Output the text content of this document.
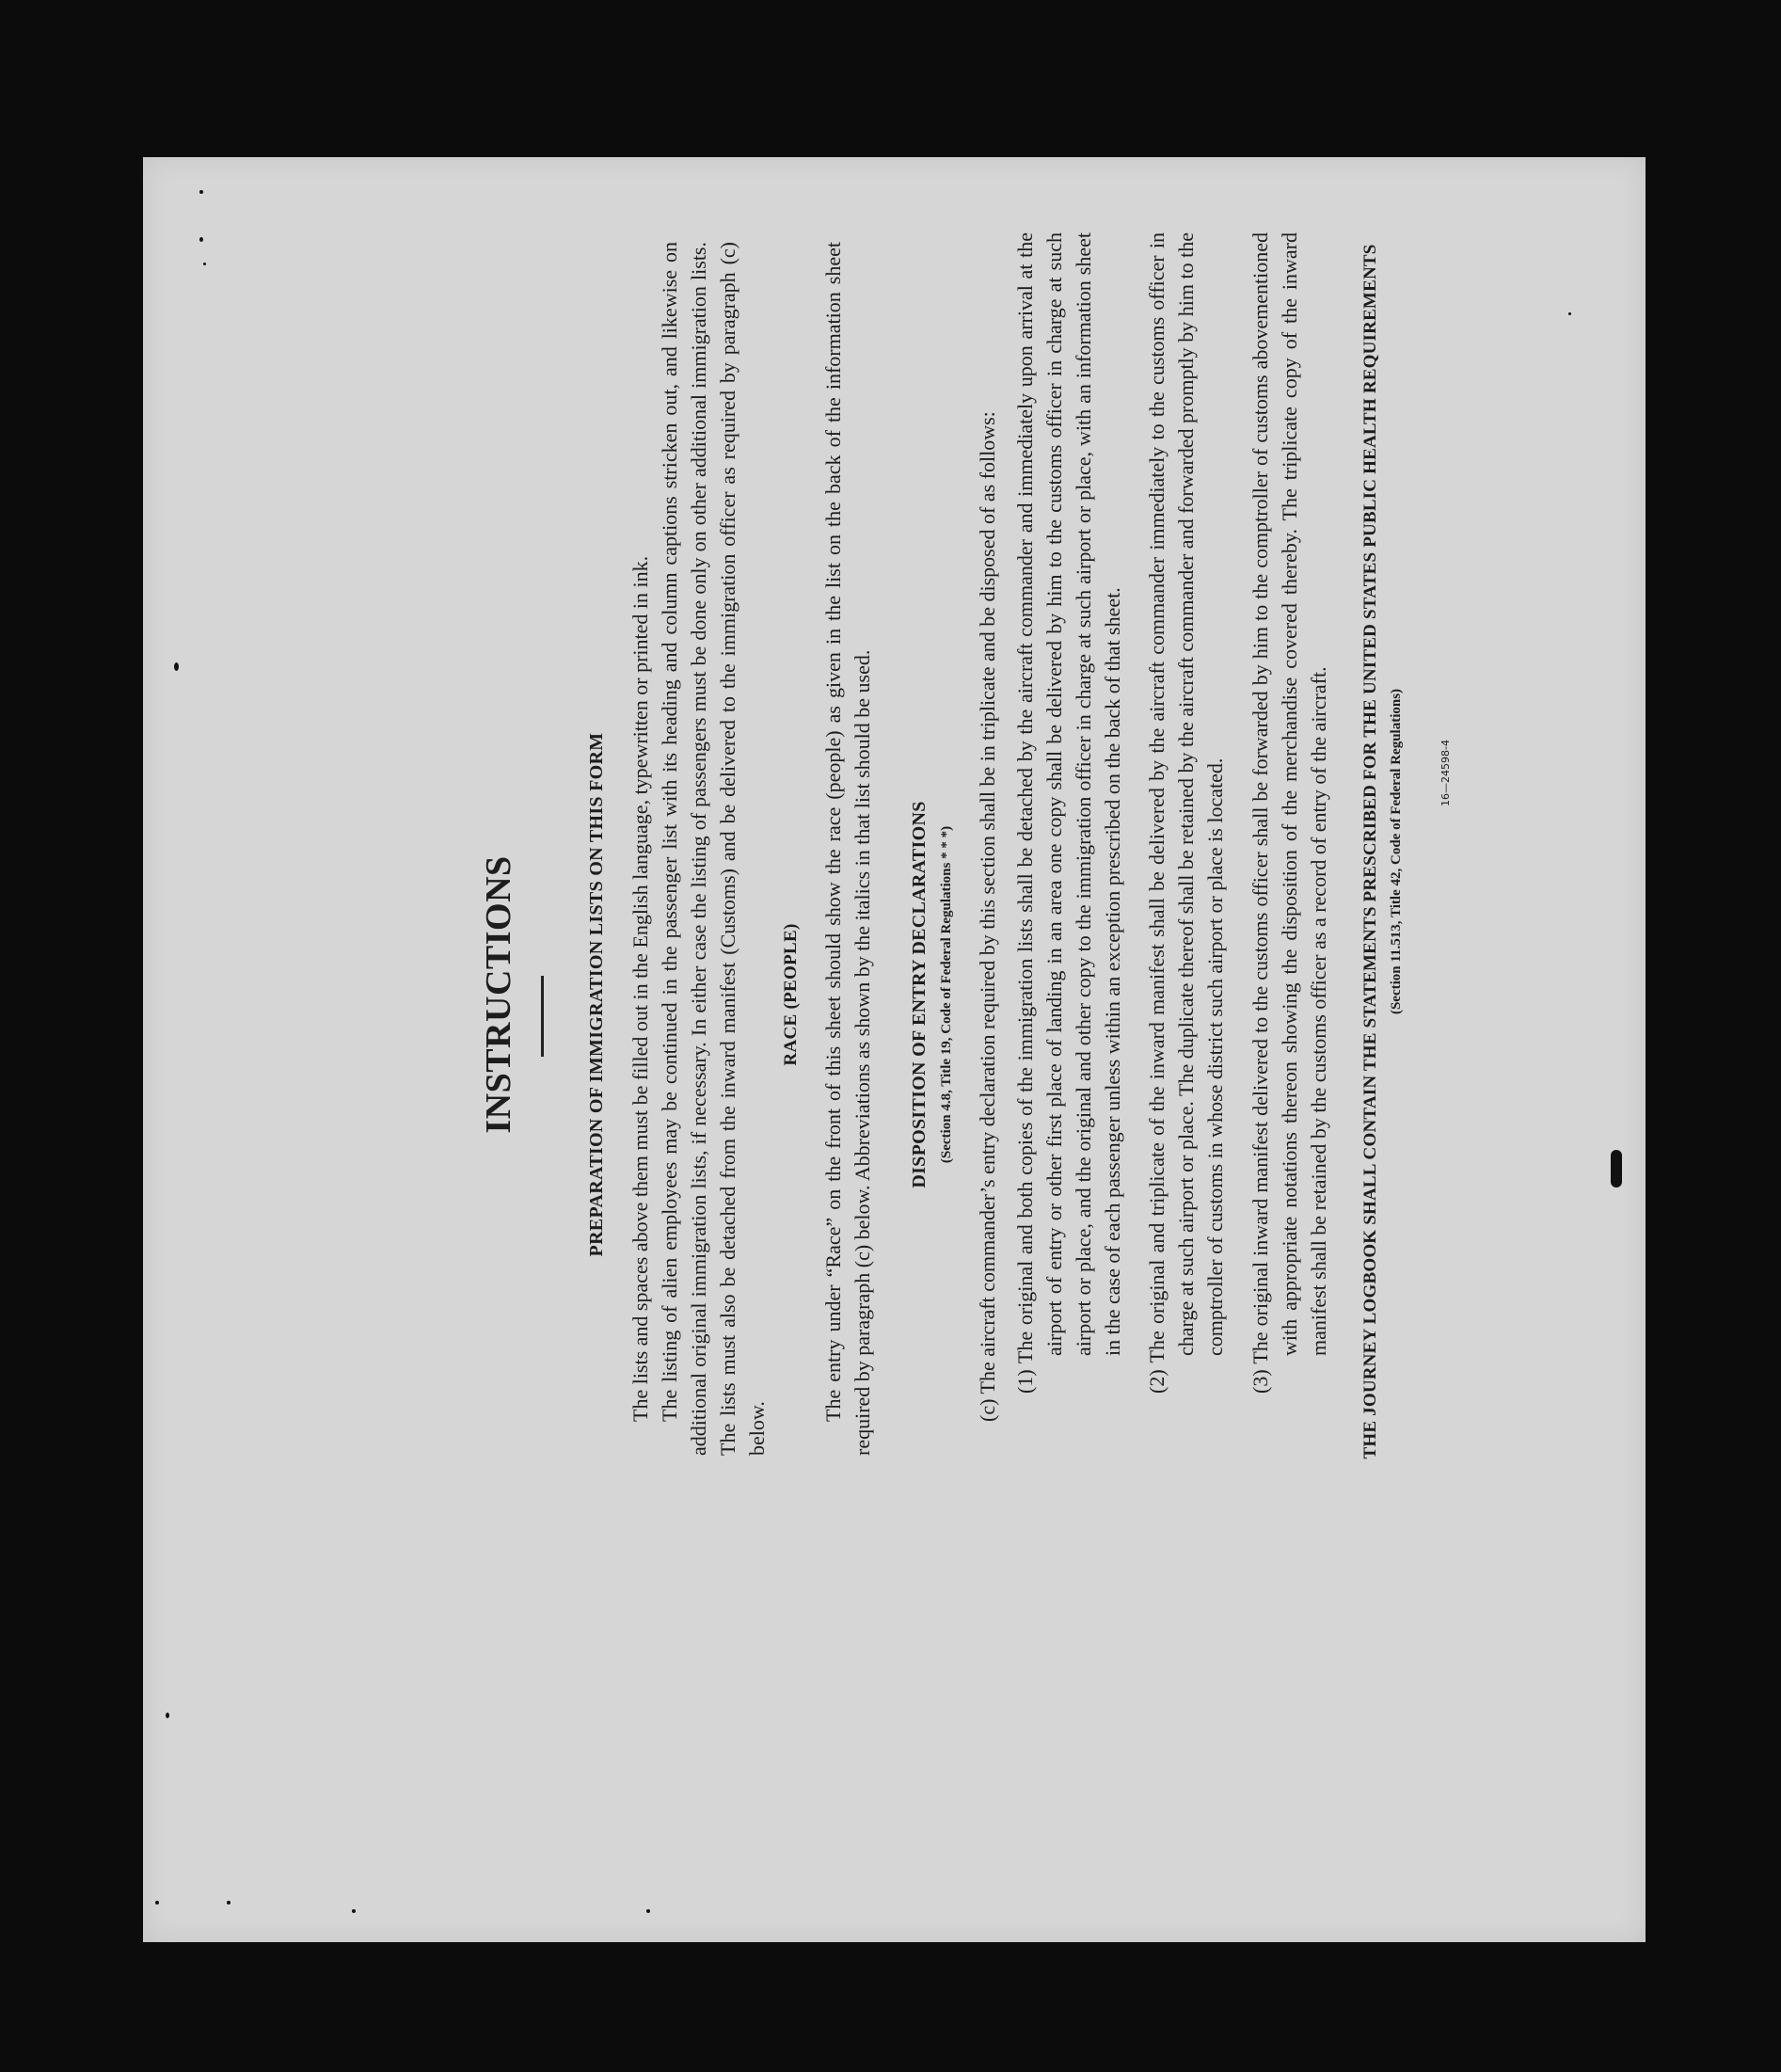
INSTRUCTIONS	PREPARATION OF IMMIGRATION LISTS ON THIS FORM The lists and spaces above them must be filled out in the English language, typewritten or printed in ink. The listing of alien employees may be continued in the passenger list with its heading and column captions stricken out, and likewise on additional original immigration lists, if necessary. In either case the listing of passengers must be done only on other additional immigration lists. The lists must also be detached from the inward manifest (Customs) and be delivered to the immigration officer as required by paragraph (c) below.

RACE (PEOPLE) The entry under “Race” on the front of this sheet should show the race (people) as given in the list on the back of the information sheet required by paragraph (c) below. Abbreviations as shown by the italics in that list should be used. DISPOSITION OF ENTRY DECLARATIONS (Section 4.8, Title 19, Code of Federal Regulations * * *) (c) The aircraft commander’s entry declaration required by this section shall be in triplicate and be disposed of as follows: (1) The original and both copies of the immigration lists shall be detached by the aircraft commander and immediately upon arrival at the airport of entry or other first place of landing in an area one copy shall be delivered by him to the customs officer in charge at such airport or place, and the original and other copy to the immigration officer in charge at such airport or place, with an information sheet in the case of each passenger unless within an exception prescribed on the back of that sheet. (2) The original and triplicate of the inward manifest shall be delivered by the aircraft commander immediately to the customs officer in charge at such airport or place. The duplicate thereof shall be retained by the aircraft commander and forwarded promptly by him to the comptroller of customs in whose district such airport or place is located. (3) The original inward manifest delivered to the customs officer shall be forwarded by him to the comptroller of customs abovementioned with appropriate notations thereon showing the disposition of the merchandise covered thereby. The triplicate copy of the inward manifest shall be retained by the customs officer as a record of entry of the aircraft. THE JOURNEY LOGBOOK SHALL CONTAIN THE STATEMENTS PRESCRIBED FOR THE UNITED STATES PUBLIC HEALTH REQUIREMENTS (Section 11.513, Title 42, Code of Federal Regulations)	16—24598-4
